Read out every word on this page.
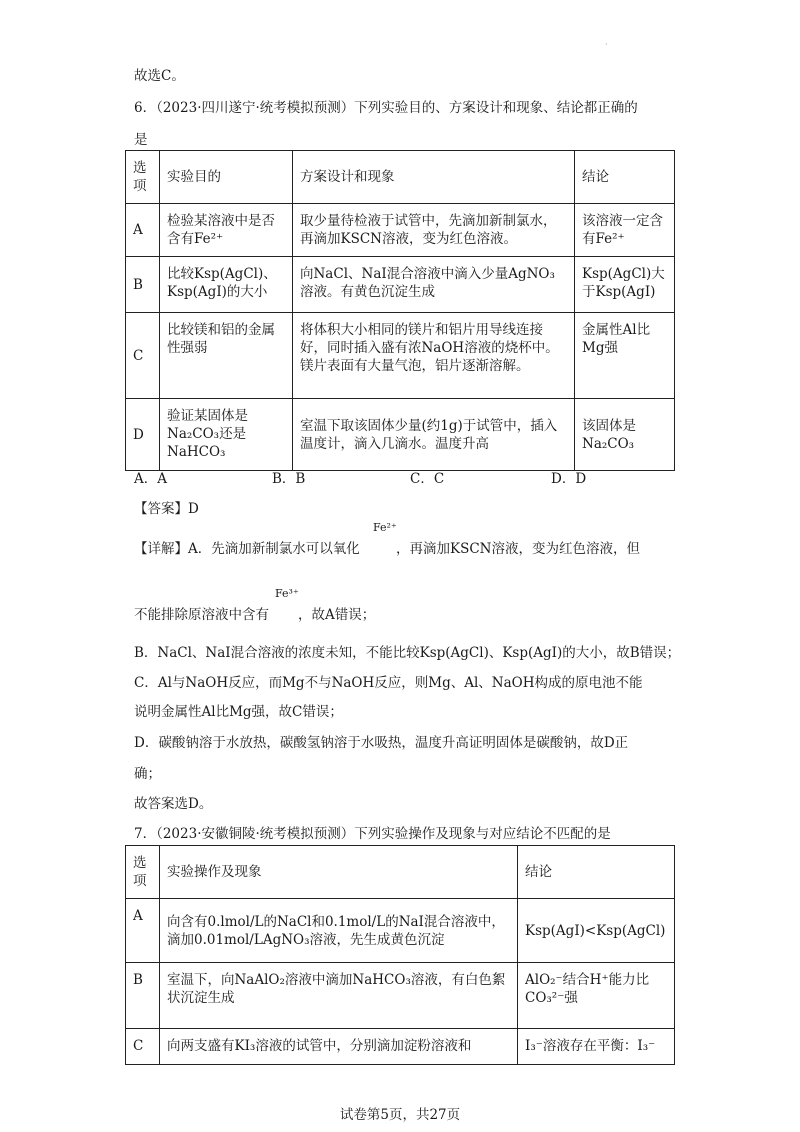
·
故选C。
6．（2023·四川遂宁·统考模拟预测）下列实验目的、方案设计和现象、结论都正确的
是
选项	实验目的	方案设计和现象	结论
A	检验某溶液中是否含有Fe²⁺	取少量待检液于试管中，先滴加新制氯水，再滴加KSCN溶液，变为红色溶液。	该溶液一定含有Fe²⁺
B	比较Ksp(AgCl)、Ksp(AgI)的大小	向NaCl、NaI混合溶液中滴入少量AgNO₃溶液。有黄色沉淀生成	Ksp(AgCl)大于Ksp(AgI)
C	比较镁和铝的金属性强弱	将体积大小相同的镁片和铝片用导线连接好，同时插入盛有浓NaOH溶液的烧杯中。镁片表面有大量气泡，铝片逐渐溶解。	金属性Al比Mg强
D	验证某固体是Na₂CO₃还是NaHCO₃	室温下取该固体少量(约1g)于试管中，插入温度计，滴入几滴水。温度升高	该固体是Na₂CO₃
A．A	B．B	C．C	D．D
【答案】D
【详解】A．先滴加新制氯水可以氧化
Fe²⁺
，再滴加KSCN溶液，变为红色溶液，但
不能排除原溶液中含有
Fe³⁺
，故A错误；
B．NaCl、NaI混合溶液的浓度未知，不能比较Ksp(AgCl)、Ksp(AgI)的大小，故B错误；
C．Al与NaOH反应，而Mg不与NaOH反应，则Mg、Al、NaOH构成的原电池不能
说明金属性Al比Mg强，故C错误；
D．碳酸钠溶于水放热，碳酸氢钠溶于水吸热，温度升高证明固体是碳酸钠，故D正
确；
故答案选D。
7．（2023·安徽铜陵·统考模拟预测）下列实验操作及现象与对应结论不匹配的是
选项	实验操作及现象	结论
A	向含有0.lmol/L的NaCl和0.1mol/L的NaI混合溶液中，滴加0.01mol/LAgNO₃溶液，先生成黄色沉淀	Ksp(AgI)<Ksp(AgCl)
B	室温下，向NaAlO₂溶液中滴加NaHCO₃溶液，有白色絮状沉淀生成	AlO₂⁻结合H⁺能力比CO₃²⁻强
C	向两支盛有KI₃溶液的试管中，分别滴加淀粉溶液和	I₃⁻溶液存在平衡：I₃⁻
试卷第5页，共27页
